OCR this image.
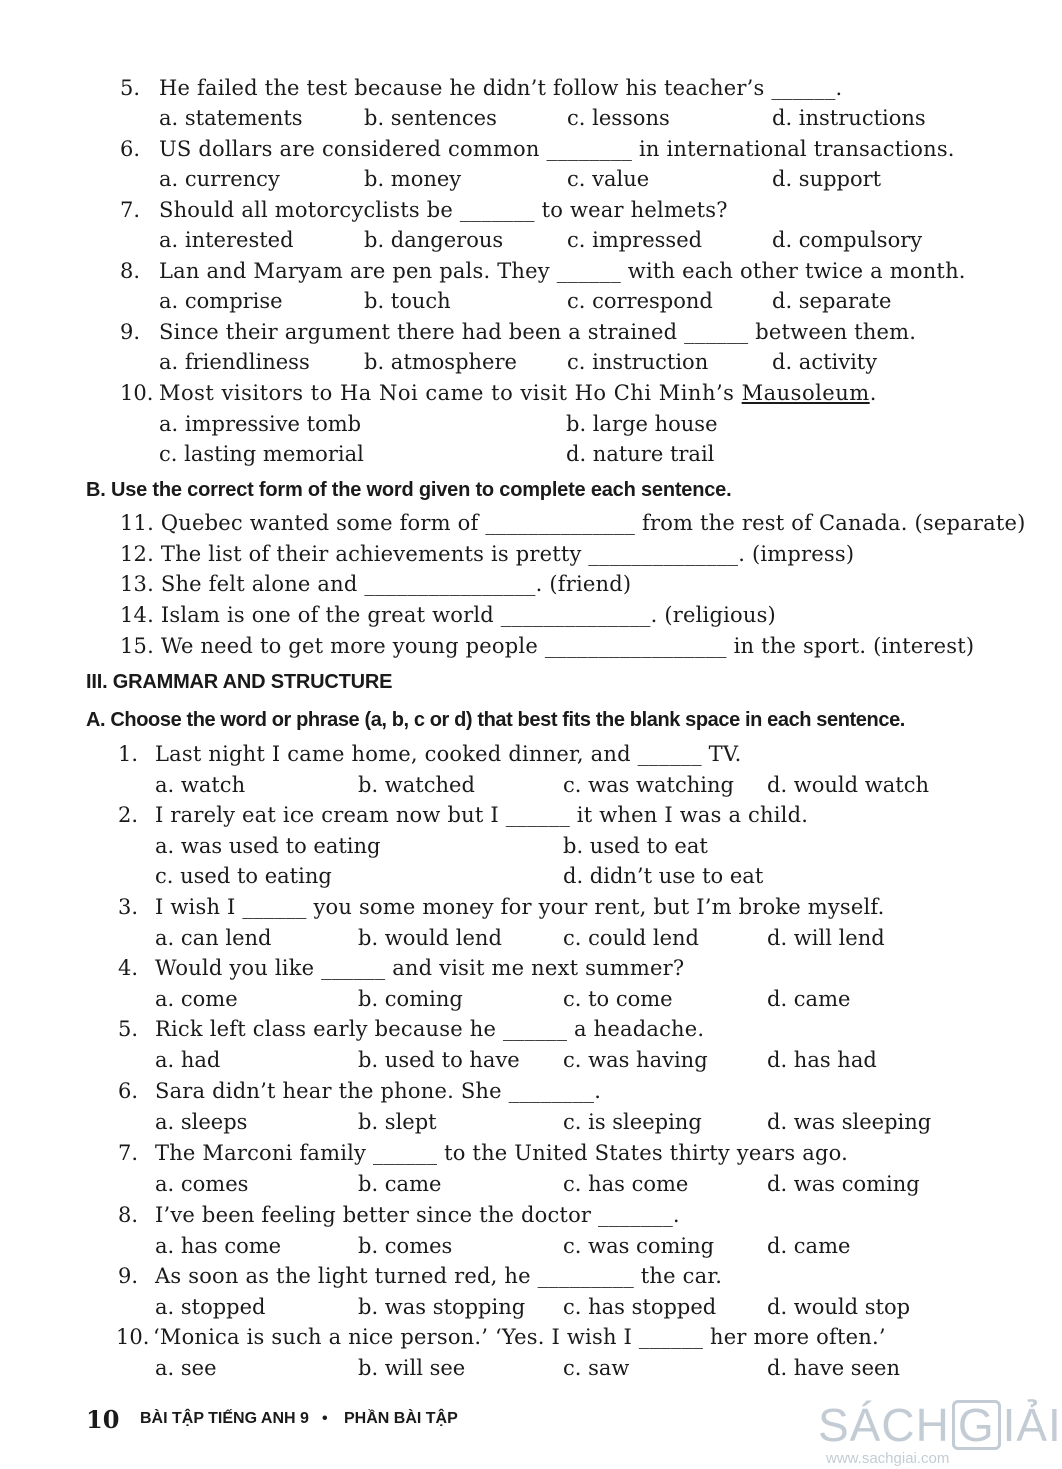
5. He failed the test because he didn’t follow his teacher’s ______.
a. statements	b. sentences	c. lessons	d. instructions
6. US dollars are considered common ________ in international transactions.
a. currency	b. money	c. value	d. support
7. Should all motorcyclists be _______ to wear helmets?
a. interested	b. dangerous	c. impressed	d. compulsory
8. Lan and Maryam are pen pals. They ______ with each other twice a month.
a. comprise	b. touch	c. correspond	d. separate
9. Since their argument there had been a strained ______ between them.
a. friendliness	b. atmosphere c. instruction	d. activity
10. Most visitors to Ha Noi came to visit Ho Chi Minh’s Mausoleum.
a. impressive tomb	b. large house
c. lasting memorial	d. nature trail
B. Use the correct form of the word given to complete each sentence.
11. Quebec wanted some form of ______________ from the rest of Canada. (separate)
12. The list of their achievements is pretty ______________. (impress)
13. She felt alone and ________________. (friend)
14. Islam is one of the great world ______________. (religious)
15. We need to get more young people _________________ in the sport. (interest)
III. GRAMMAR AND STRUCTURE
A. Choose the word or phrase (a, b, c or d) that best fits the blank space in each sentence.
1. Last night I came home, cooked dinner, and ______ TV.
a. watch	b. watched	c. was watching d. would watch
2. I rarely eat ice cream now but I ______ it when I was a child.
a. was used to eating	b. used to eat
c. used to eating	d. didn’t use to eat
3. I wish I ______ you some money for your rent, but I’m broke myself.
a. can lend	b. would lend	c. could lend	d. will lend
4. Would you like ______ and visit me next summer?
a. come	b. coming	c. to come	d. came
5. Rick left class early because he ______ a headache.
a. had	b. used to have c. was having	d. has had
6. Sara didn’t hear the phone. She ________.
a. sleeps	b. slept	c. is sleeping	d. was sleeping
7. The Marconi family ______ to the United States thirty years ago.
a. comes	b. came	c. has come	d. was coming
8. I’ve been feeling better since the doctor _______.
a. has come	b. comes	c. was coming	d. came
9. As soon as the light turned red, he _________ the car.
a. stopped	b. was stopping c. has stopped d. would stop
10. ‘Monica is such a nice person.’ ‘Yes. I wish I ______ her more often.’
a. see	b. will see	c. saw	d. have seen
10 BÀI TẬP TIẾNG ANH 9 • PHẦN BÀI TẬP	SÁCH G IẢI
www.sachgiai.com
